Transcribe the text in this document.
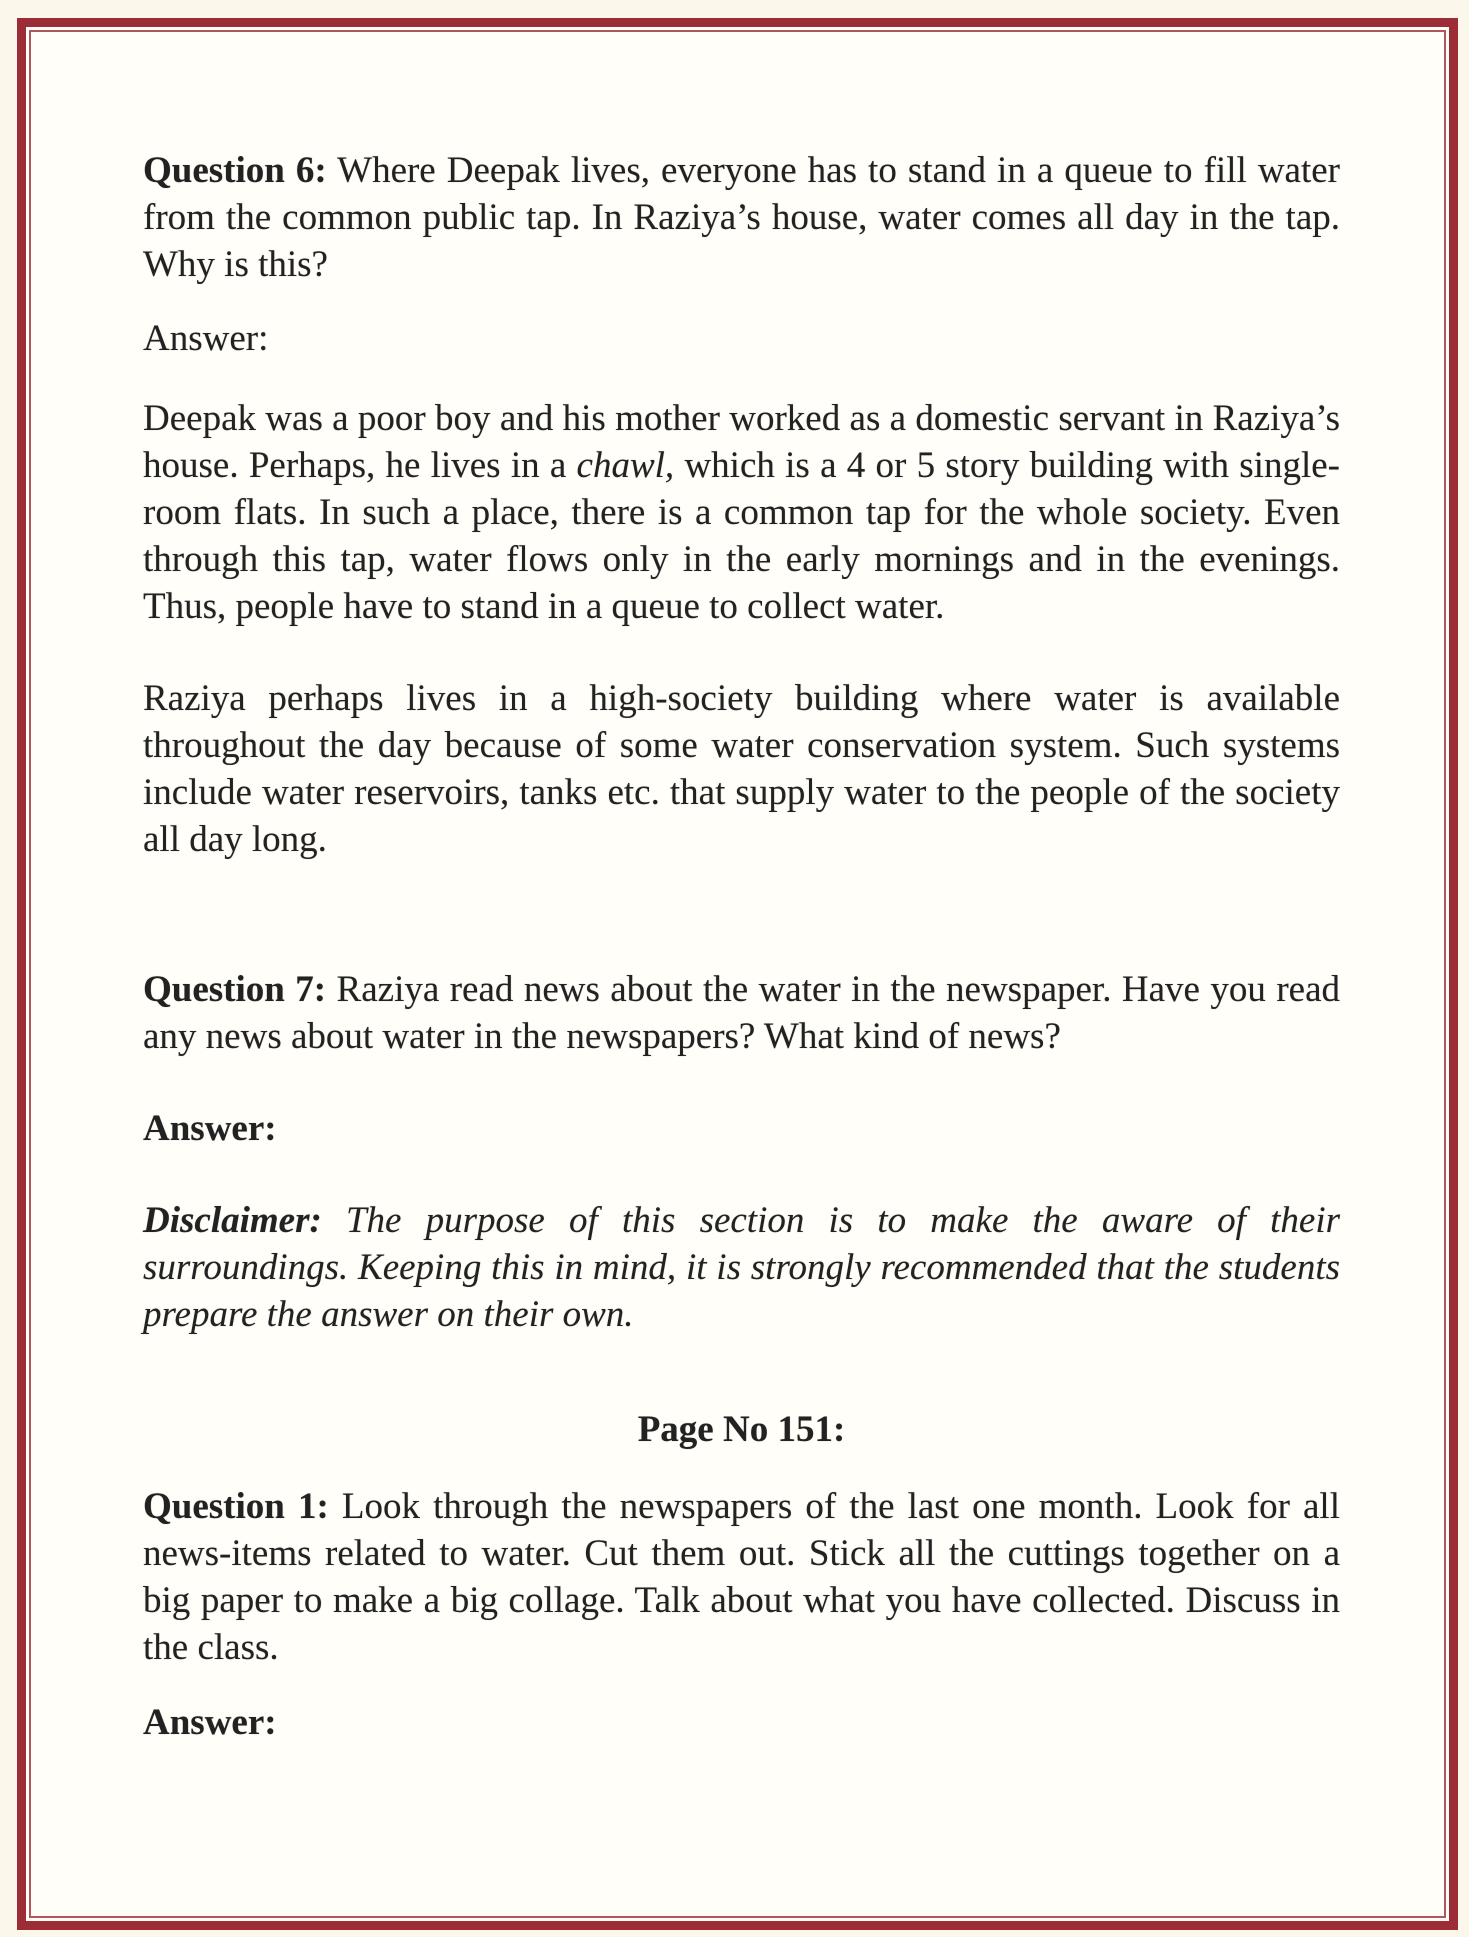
Question 6: Where Deepak lives, everyone has to stand in a queue to fill water from the common public tap. In Raziya’s house, water comes all day in the tap. Why is this?

Answer:

Deepak was a poor boy and his mother worked as a domestic servant in Raziya’s house. Perhaps, he lives in a chawl, which is a 4 or 5 story building with single-room flats. In such a place, there is a common tap for the whole society. Even through this tap, water flows only in the early mornings and in the evenings. Thus, people have to stand in a queue to collect water.

Raziya perhaps lives in a high-society building where water is available throughout the day because of some water conservation system. Such systems include water reservoirs, tanks etc. that supply water to the people of the society all day long.

Question 7: Raziya read news about the water in the newspaper. Have you read any news about water in the newspapers? What kind of news?

Answer:

Disclaimer: The purpose of this section is to make the aware of their surroundings. Keeping this in mind, it is strongly recommended that the students prepare the answer on their own.

Page No 151:

Question 1: Look through the newspapers of the last one month. Look for all news-items related to water. Cut them out. Stick all the cuttings together on a big paper to make a big collage. Talk about what you have collected. Discuss in the class.

Answer:
